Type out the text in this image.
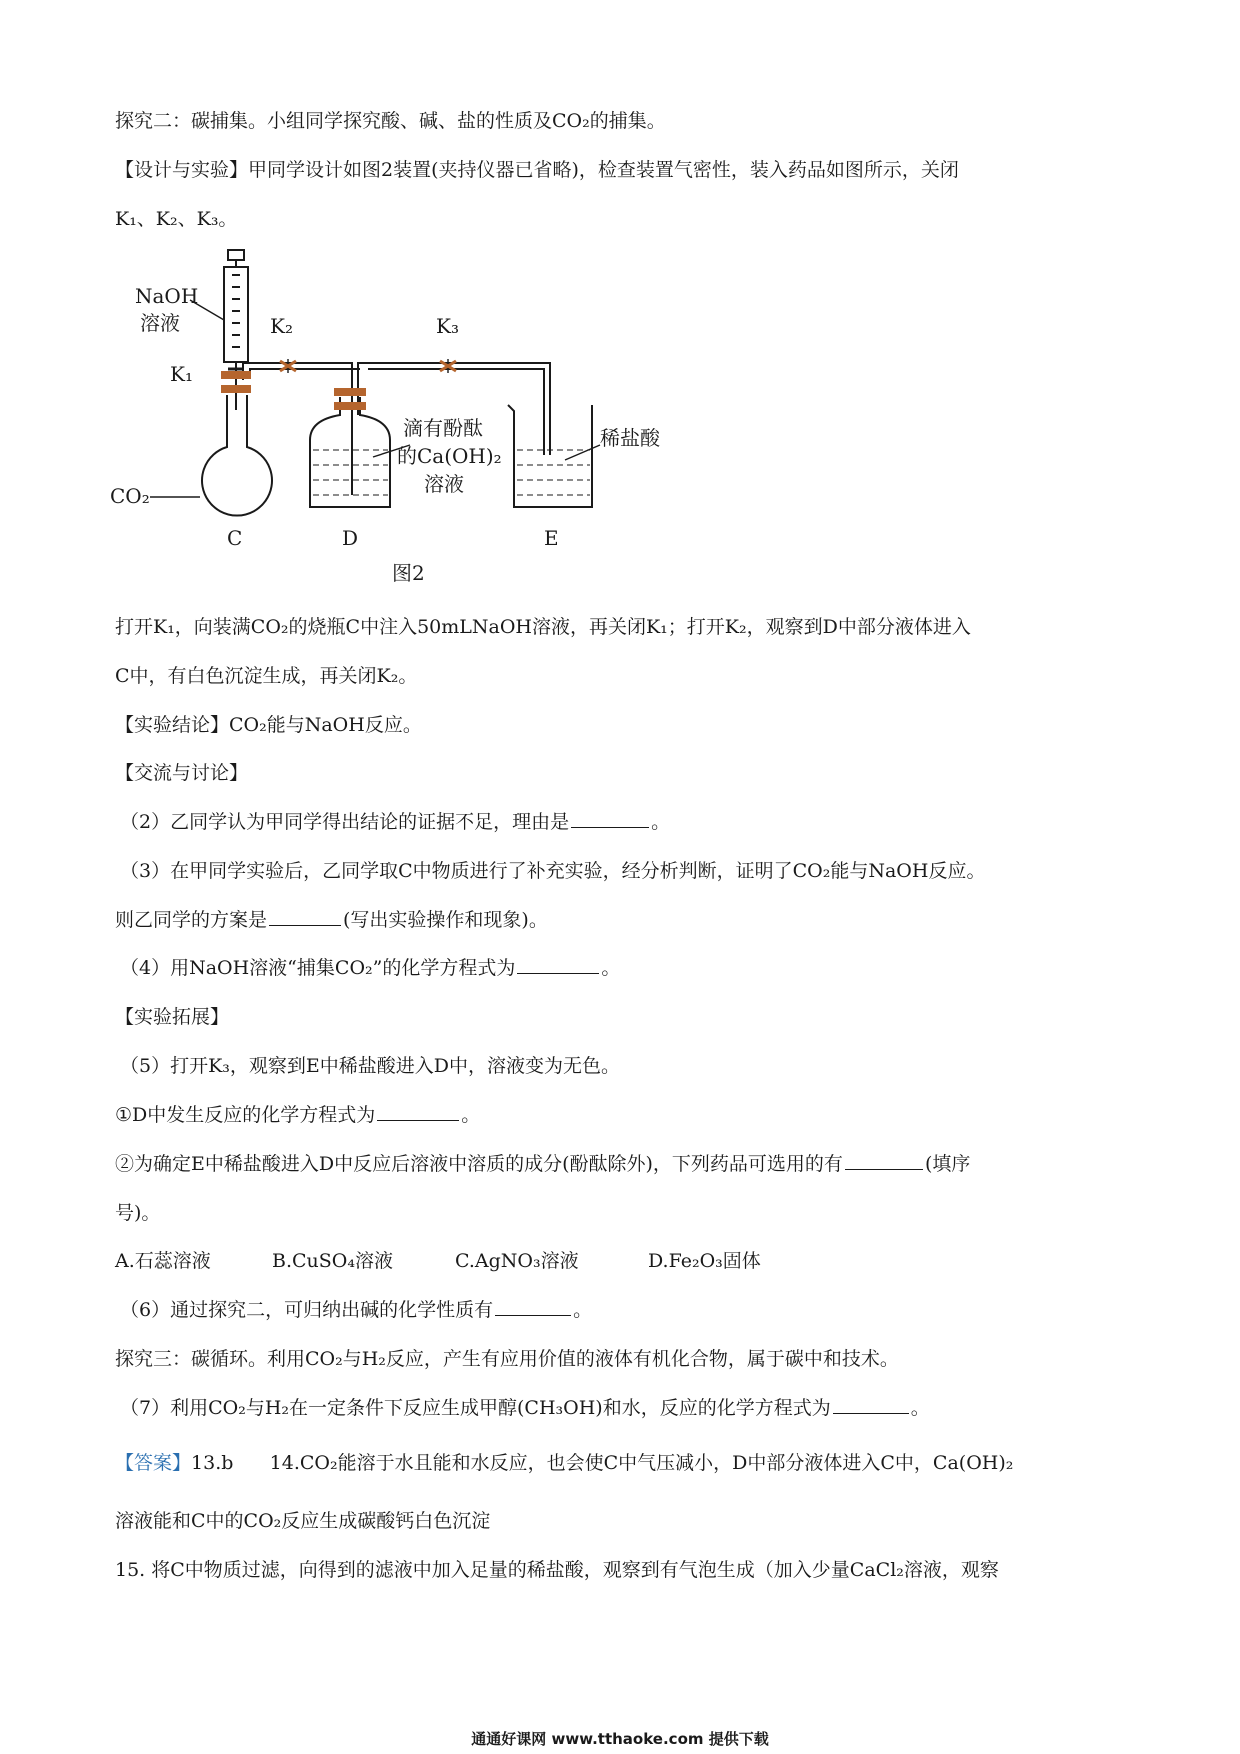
探究二：碳捕集。小组同学探究酸、碱、盐的性质及CO₂的捕集。
【设计与实验】甲同学设计如图2装置(夹持仪器已省略)，检查装置气密性，装入药品如图所示，关闭
K₁、K₂、K₃。
NaOH
溶液
K₁
K₂	K₃
CO₂
滴有酚酞
的Ca(OH)₂
溶液
稀盐酸
C	D	E
图2
打开K₁，向装满CO₂的烧瓶C中注入50mLNaOH溶液，再关闭K₁；打开K₂，观察到D中部分液体进入
C中，有白色沉淀生成，再关闭K₂。
【实验结论】CO₂能与NaOH反应。
【交流与讨论】
（2）乙同学认为甲同学得出结论的证据不足，理由是	。
（3）在甲同学实验后，乙同学取C中物质进行了补充实验，经分析判断，证明了CO₂能与NaOH反应。
则乙同学的方案是	(写出实验操作和现象)。
（4）用NaOH溶液“捕集CO₂”的化学方程式为	。
【实验拓展】
（5）打开K₃，观察到E中稀盐酸进入D中，溶液变为无色。
①D中发生反应的化学方程式为	。
②为确定E中稀盐酸进入D中反应后溶液中溶质的成分(酚酞除外)，下列药品可选用的有	(填序
号)。
A.石蕊溶液	B.CuSO₄溶液	C.AgNO₃溶液	D.Fe₂O₃固体
（6）通过探究二，可归纳出碱的化学性质有	。
探究三：碳循环。利用CO₂与H₂反应，产生有应用价值的液体有机化合物，属于碳中和技术。
（7）利用CO₂与H₂在一定条件下反应生成甲醇(CH₃OH)和水，反应的化学方程式为	。
【答案】13.b 14.CO₂能溶于水且能和水反应，也会使C中气压减小，D中部分液体进入C中，Ca(OH)₂
溶液能和C中的CO₂反应生成碳酸钙白色沉淀
15. 将C中物质过滤，向得到的滤液中加入足量的稀盐酸，观察到有气泡生成（加入少量CaCl₂溶液，观察
通通好课网 www.tthaoke.com 提供下载
